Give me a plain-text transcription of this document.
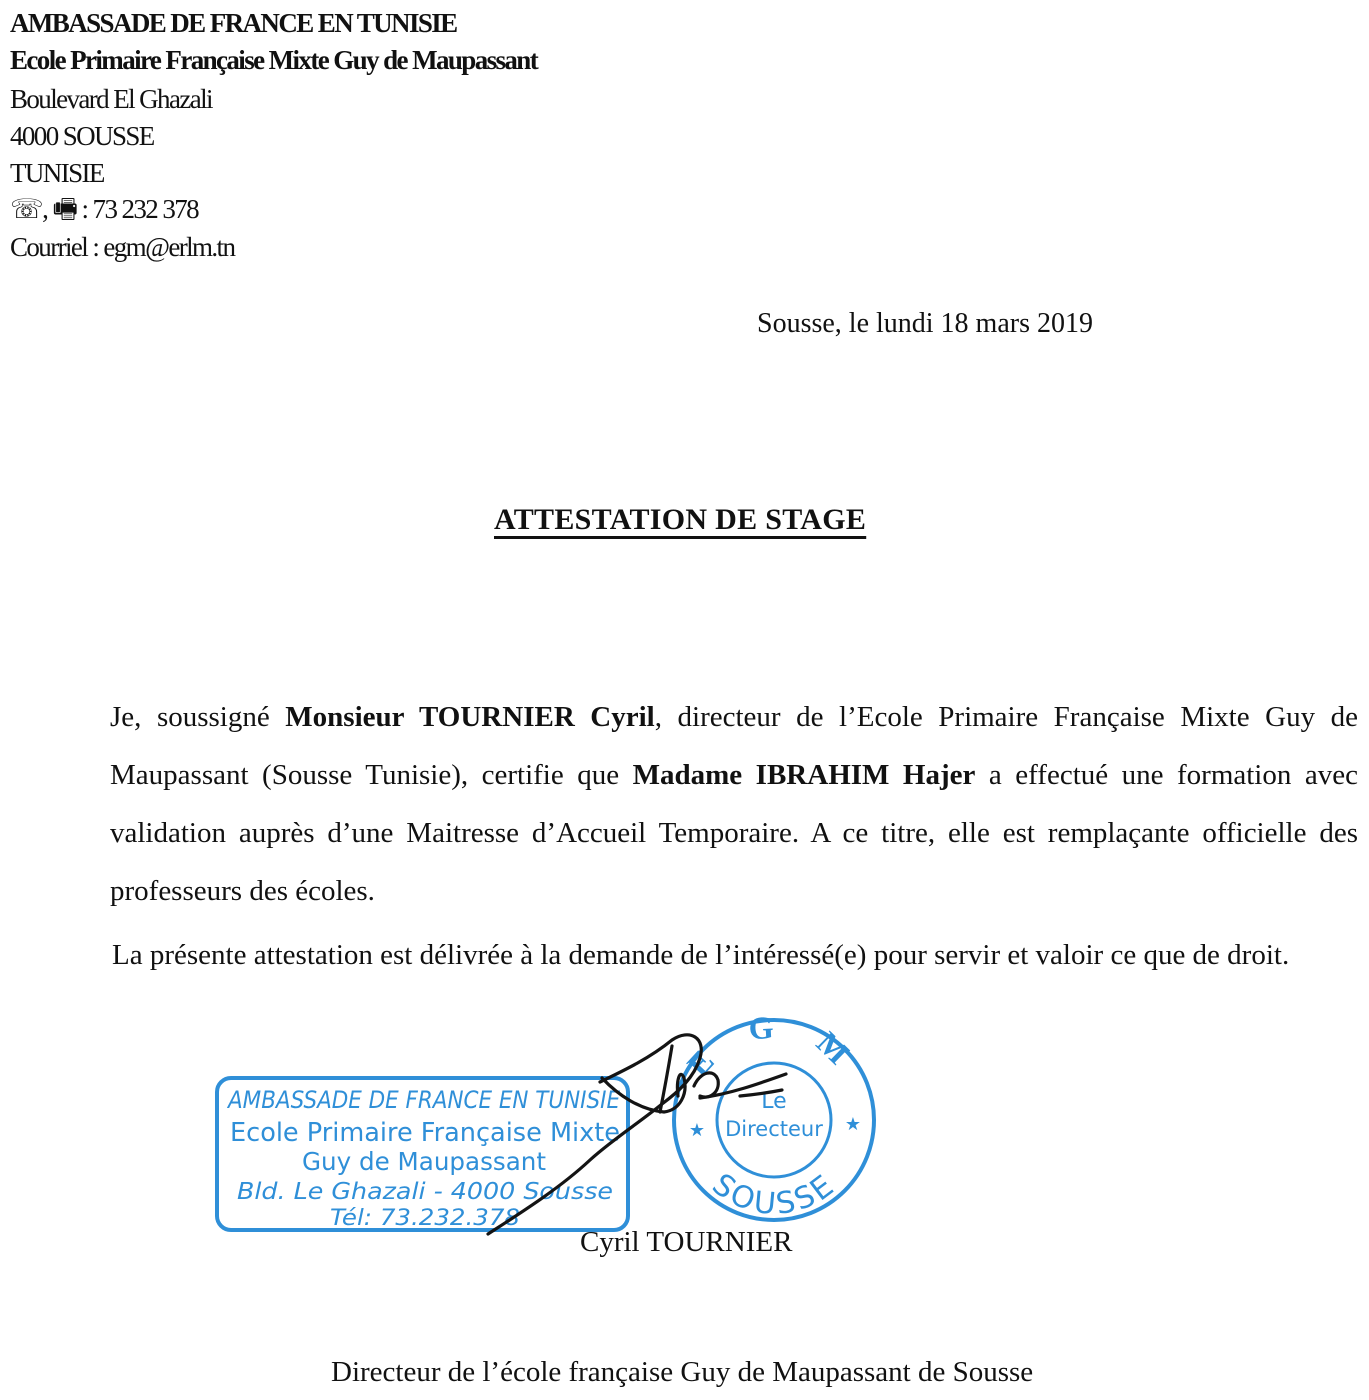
AMBASSADE DE FRANCE EN TUNISIE
Ecole Primaire Française Mixte Guy de Maupassant
Boulevard El Ghazali
4000 SOUSSE
TUNISIE
☏, 🖷 : 73 232 378
Courriel : egm@erlm.tn
Sousse, le lundi 18 mars 2019
ATTESTATION DE STAGE
Je, soussigné Monsieur TOURNIER Cyril, directeur de l’Ecole Primaire Française Mixte Guy de Maupassant (Sousse Tunisie), certifie que Madame IBRAHIM Hajer a effectué une formation avec validation auprès d’une Maitresse d’Accueil Temporaire. A ce titre, elle est remplaçante officielle des professeurs des écoles.
La présente attestation est délivrée à la demande de l’intéressé(e) pour servir et valoir ce que de droit.
AMBASSADE DE FRANCE EN TUNISIE
Ecole Primaire Française Mixte
Guy de Maupassant
Bld. Le Ghazali - 4000 Sousse
Tél: 73.232.378
E G M
SOUSSE
Le
Directeur
★	★
Cyril TOURNIER
Directeur de l’école française Guy de Maupassant de Sousse
